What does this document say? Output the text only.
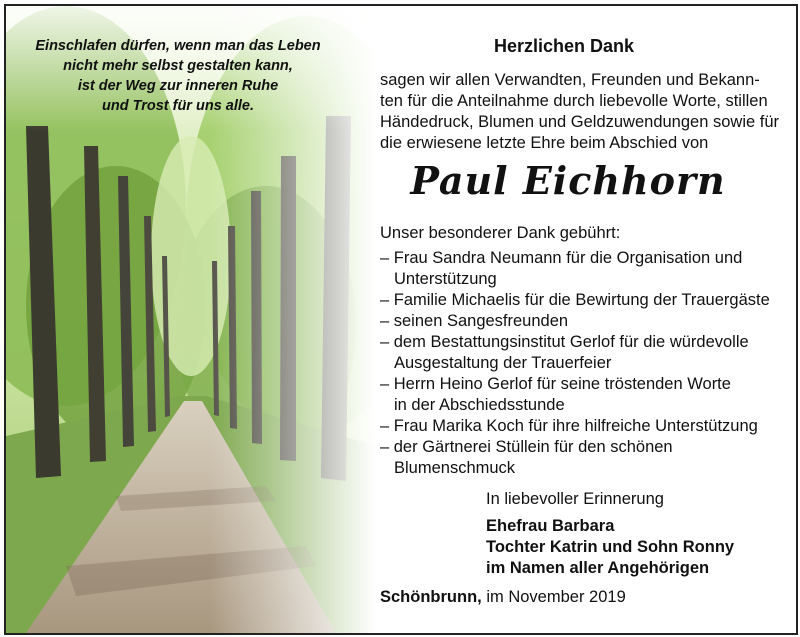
Einschlafen dürfen, wenn man das Leben
nicht mehr selbst gestalten kann,
ist der Weg zur inneren Ruhe
und Trost für uns alle.

Herzlichen Dank

sagen wir allen Verwandten, Freunden und Bekann-
ten für die Anteilnahme durch liebevolle Worte, stillen
Händedruck, Blumen und Geldzuwendungen sowie für
die erwiesene letzte Ehre beim Abschied von

Paul Eichhorn

Unser besonderer Dank gebührt:

– Frau Sandra Neumann für die Organisation und
Unterstützung
– Familie Michaelis für die Bewirtung der Trauergäste
– seinen Sangesfreunden
– dem Bestattungsinstitut Gerlof für die würdevolle
Ausgestaltung der Trauerfeier
– Herrn Heino Gerlof für seine tröstenden Worte
in der Abschiedsstunde
– Frau Marika Koch für ihre hilfreiche Unterstützung
– der Gärtnerei Stüllein für den schönen
Blumenschmuck

In liebevoller Erinnerung

Ehefrau Barbara
Tochter Katrin und Sohn Ronny
im Namen aller Angehörigen

Schönbrunn, im November 2019
